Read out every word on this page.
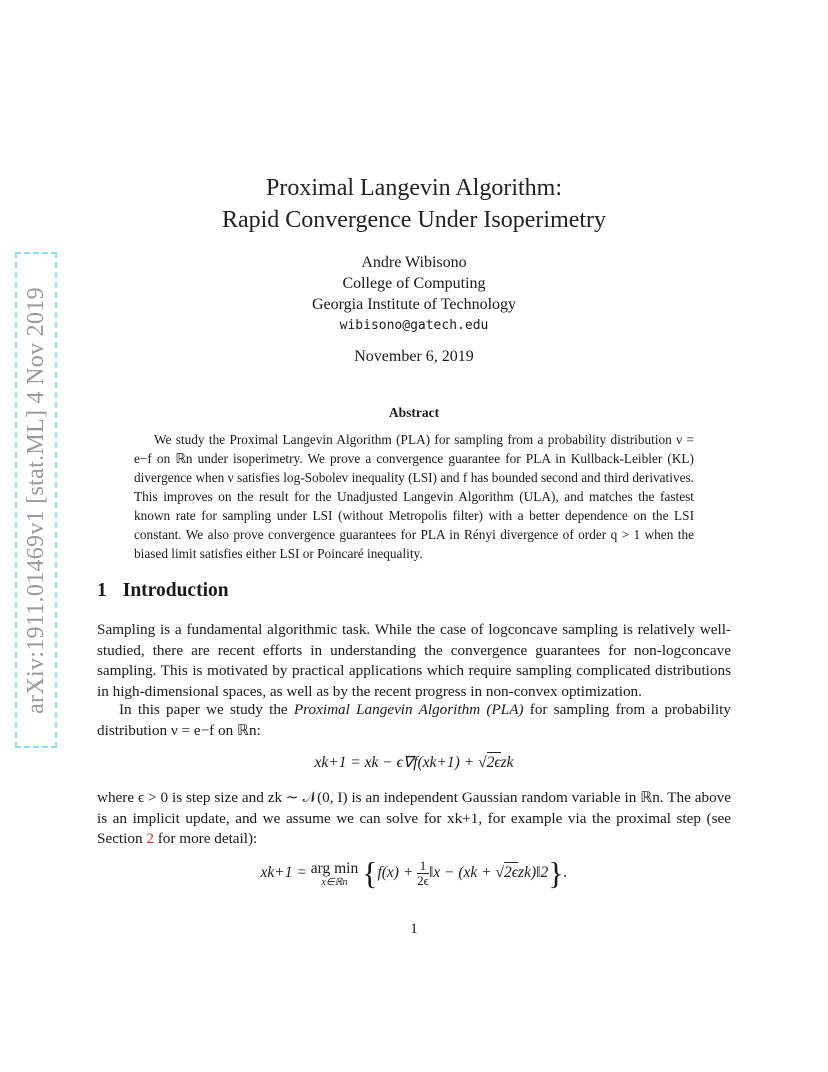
arXiv:1911.01469v1 [stat.ML] 4 Nov 2019
Proximal Langevin Algorithm:
Rapid Convergence Under Isoperimetry
Andre Wibisono
College of Computing
Georgia Institute of Technology
wibisono@gatech.edu
November 6, 2019
Abstract

We study the Proximal Langevin Algorithm (PLA) for sampling from a probability distribution ν = e−f on ℝn under isoperimetry. We prove a convergence guarantee for PLA in Kullback-Leibler (KL) divergence when ν satisfies log-Sobolev inequality (LSI) and f has bounded second and third derivatives. This improves on the result for the Unadjusted Langevin Algorithm (ULA), and matches the fastest known rate for sampling under LSI (without Metropolis filter) with a better dependence on the LSI constant. We also prove convergence guarantees for PLA in Rényi divergence of order q > 1 when the biased limit satisfies either LSI or Poincaré inequality.

1 Introduction

Sampling is a fundamental algorithmic task. While the case of logconcave sampling is relatively well-studied, there are recent efforts in understanding the convergence guarantees for non-logconcave sampling. This is motivated by practical applications which require sampling complicated distributions in high-dimensional spaces, as well as by the recent progress in non-convex optimization.

In this paper we study the Proximal Langevin Algorithm (PLA) for sampling from a probability distribution ν = e−f on ℝn:

xk+1 = xk − ϵ∇f(xk+1) + √2ϵzk

where ϵ > 0 is step size and zk ∼ 𝒩(0, I) is an independent Gaussian random variable in ℝn. The above is an implicit update, and we assume we can solve for xk+1, for example via the proximal step (see Section 2 for more detail):

xk+1 = arg min
x∈ℝn {$f(x) + \frac{1}{2\epsilon}$ ‖x − (xk + √2ϵzk)‖2}.
1
